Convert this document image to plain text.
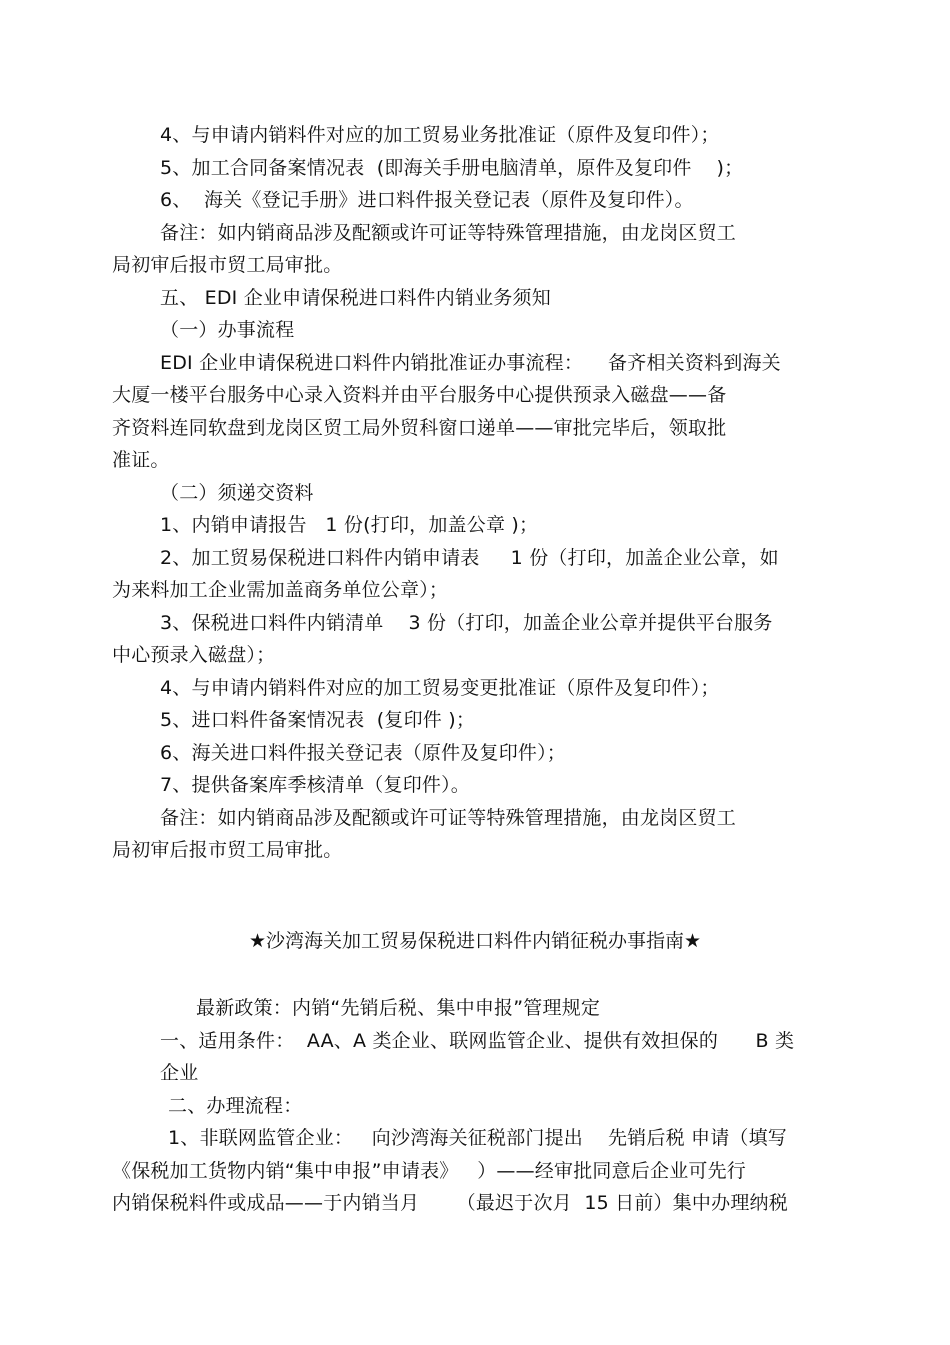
4、与申请内销料件对应的加工贸易业务批准证（原件及复印件）；
5、加工合同备案情况表  (即海关手册电脑清单，原件及复印件    )；
6、  海关《登记手册》进口料件报关登记表（原件及复印件）。
备注：如内销商品涉及配额或许可证等特殊管理措施，由龙岗区贸工
局初审后报市贸工局审批。
五、 EDI 企业申请保税进口料件内销业务须知
（一）办事流程
EDI 企业申请保税进口料件内销批准证办事流程：    备齐相关资料到海关
大厦一楼平台服务中心录入资料并由平台服务中心提供预录入磁盘——备
齐资料连同软盘到龙岗区贸工局外贸科窗口递单——审批完毕后，领取批
准证。
（二）须递交资料
1、内销申请报告   1 份(打印，加盖公章 )；
2、加工贸易保税进口料件内销申请表     1 份（打印，加盖企业公章，如
为来料加工企业需加盖商务单位公章）；
3、保税进口料件内销清单    3 份（打印，加盖企业公章并提供平台服务
中心预录入磁盘）；
4、与申请内销料件对应的加工贸易变更批准证（原件及复印件）；
5、进口料件备案情况表  (复印件 )；
6、海关进口料件报关登记表（原件及复印件）；
7、提供备案库季核清单（复印件）。
备注：如内销商品涉及配额或许可证等特殊管理措施，由龙岗区贸工
局初审后报市贸工局审批。
★沙湾海关加工贸易保税进口料件内销征税办事指南★
最新政策：内销“先销后税、集中申报”管理规定
一、适用条件：  AA、A 类企业、联网监管企业、提供有效担保的      B 类
企业
二、办理流程：
1、非联网监管企业：   向沙湾海关征税部门提出    先销后税 申请（填写
《保税加工货物内销“集中申报”申请表》   ）——经审批同意后企业可先行
内销保税料件或成品——于内销当月      （最迟于次月  15 日前）集中办理纳税
